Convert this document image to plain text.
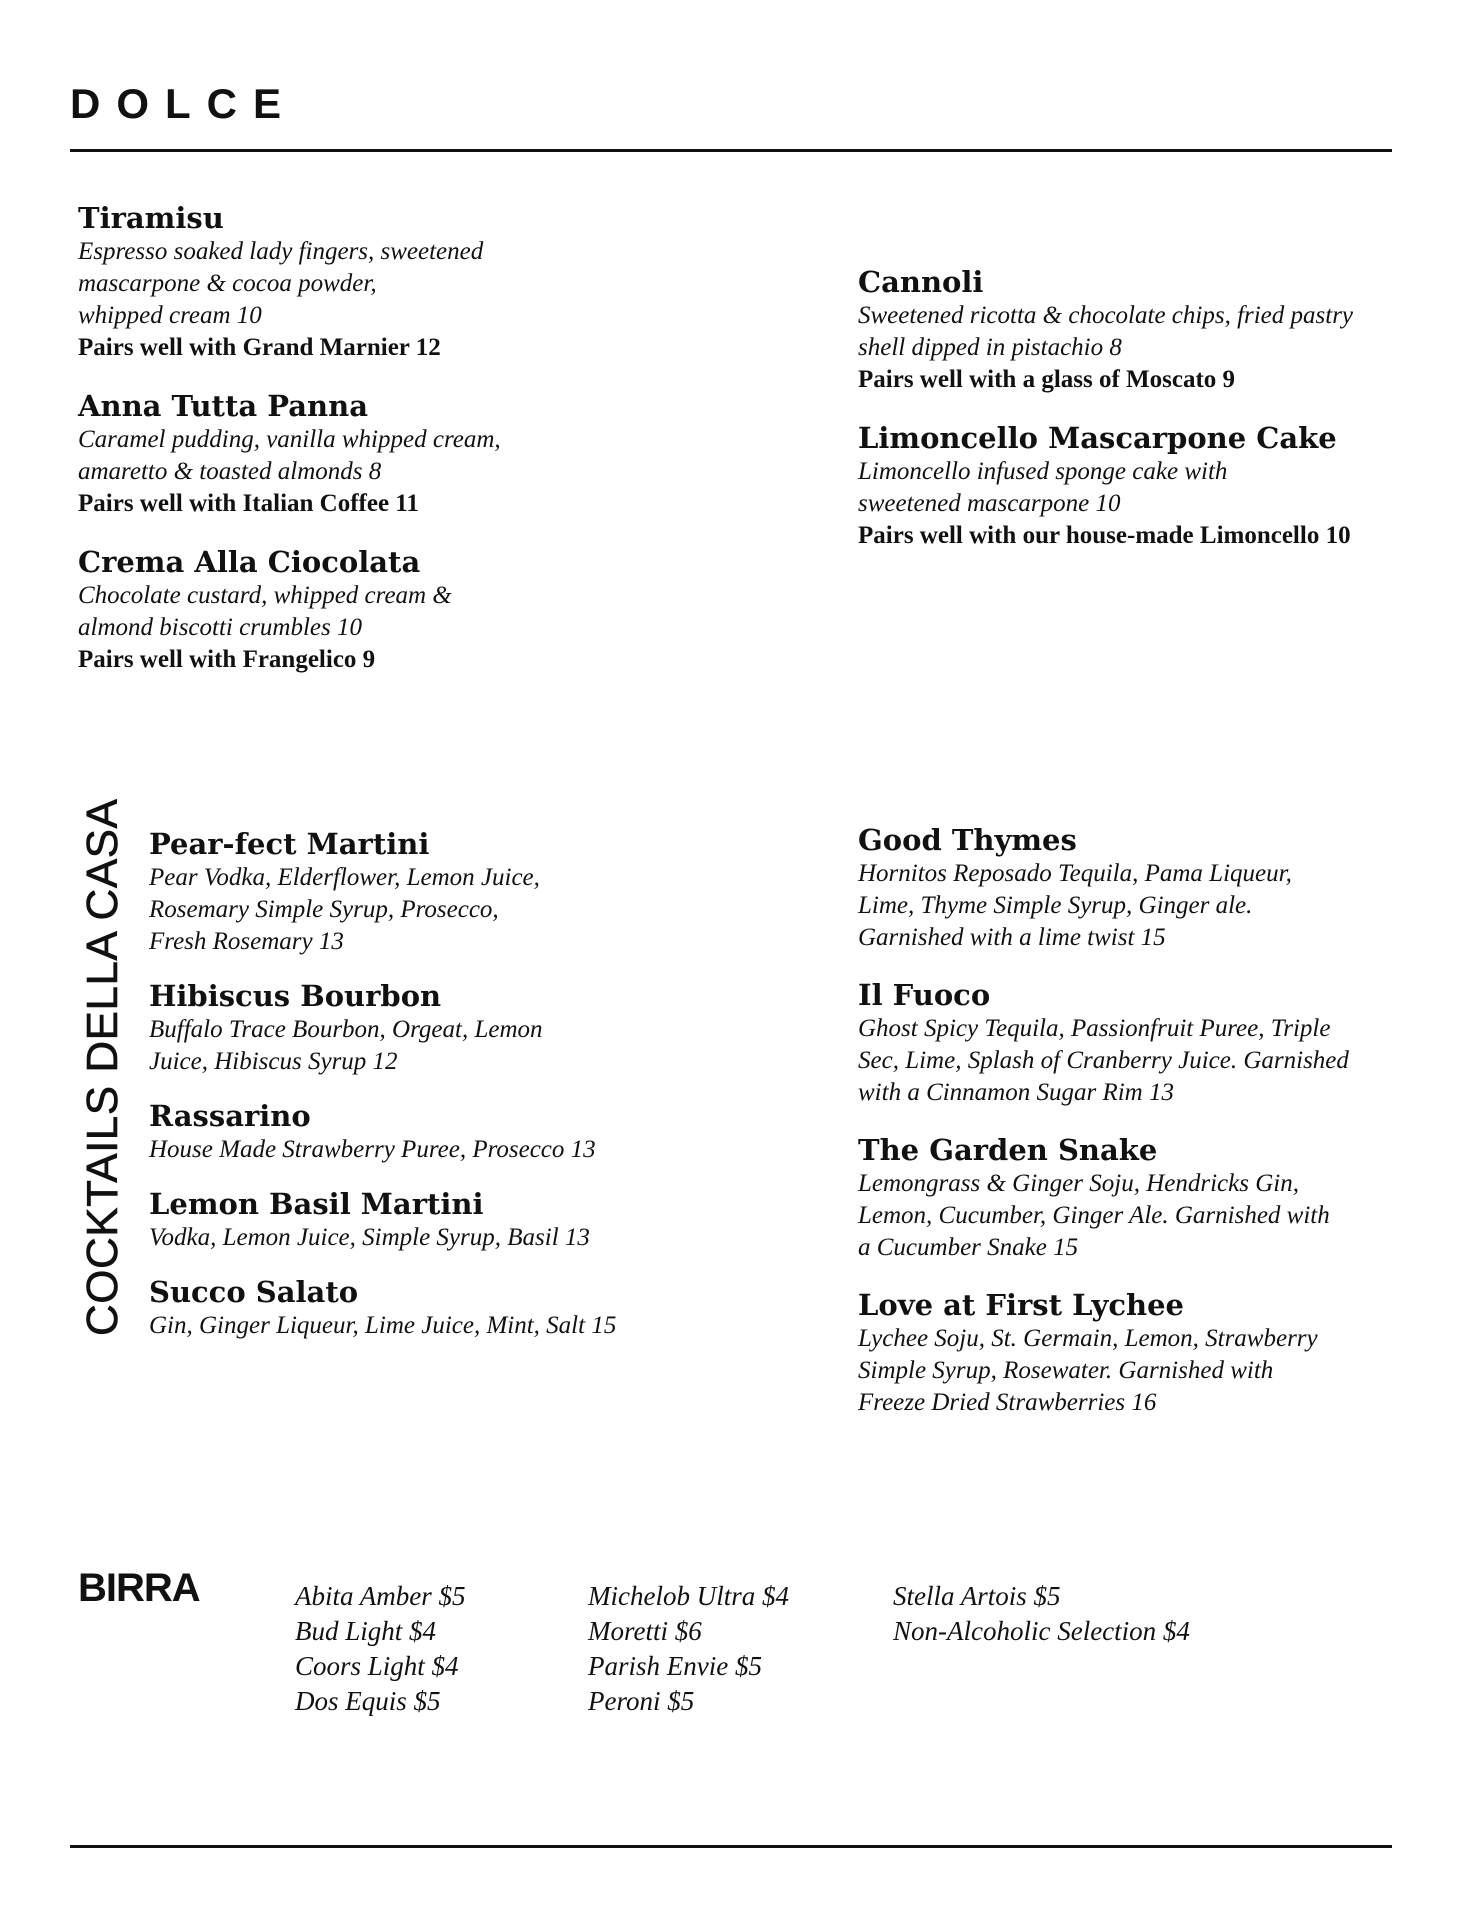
DOLCE
Tiramisu
Espresso soaked lady fingers, sweetened
mascarpone & cocoa powder,
whipped cream 10
Pairs well with Grand Marnier 12
Anna Tutta Panna
Caramel pudding, vanilla whipped cream,
amaretto & toasted almonds 8
Pairs well with Italian Coffee 11
Crema Alla Ciocolata
Chocolate custard, whipped cream &
almond biscotti crumbles 10
Pairs well with Frangelico 9
Cannoli
Sweetened ricotta & chocolate chips, fried pastry
shell dipped in pistachio 8
Pairs well with a glass of Moscato 9
Limoncello Mascarpone Cake
Limoncello infused sponge cake with
sweetened mascarpone 10
Pairs well with our house-made Limoncello 10
COCKTAILS DELLA CASA Pear-fect Martini
Pear Vodka, Elderflower, Lemon Juice,
Rosemary Simple Syrup, Prosecco,
Fresh Rosemary 13
Hibiscus Bourbon
Buffalo Trace Bourbon, Orgeat, Lemon
Juice, Hibiscus Syrup 12
Rassarino
House Made Strawberry Puree, Prosecco 13
Lemon Basil Martini
Vodka, Lemon Juice, Simple Syrup, Basil 13
Succo Salato
Gin, Ginger Liqueur, Lime Juice, Mint, Salt 15
Good Thymes
Hornitos Reposado Tequila, Pama Liqueur,
Lime, Thyme Simple Syrup, Ginger ale.
Garnished with a lime twist 15
Il Fuoco
Ghost Spicy Tequila, Passionfruit Puree, Triple
Sec, Lime, Splash of Cranberry Juice. Garnished
with a Cinnamon Sugar Rim 13
The Garden Snake
Lemongrass & Ginger Soju, Hendricks Gin,
Lemon, Cucumber, Ginger Ale. Garnished with
a Cucumber Snake 15
Love at First Lychee
Lychee Soju, St. Germain, Lemon, Strawberry
Simple Syrup, Rosewater. Garnished with
Freeze Dried Strawberries 16
BIRRA	Abita Amber $5
Bud Light $4
Coors Light $4
Dos Equis $5
Michelob Ultra $4
Moretti $6
Parish Envie $5
Peroni $5
Stella Artois $5
Non-Alcoholic Selection $4
